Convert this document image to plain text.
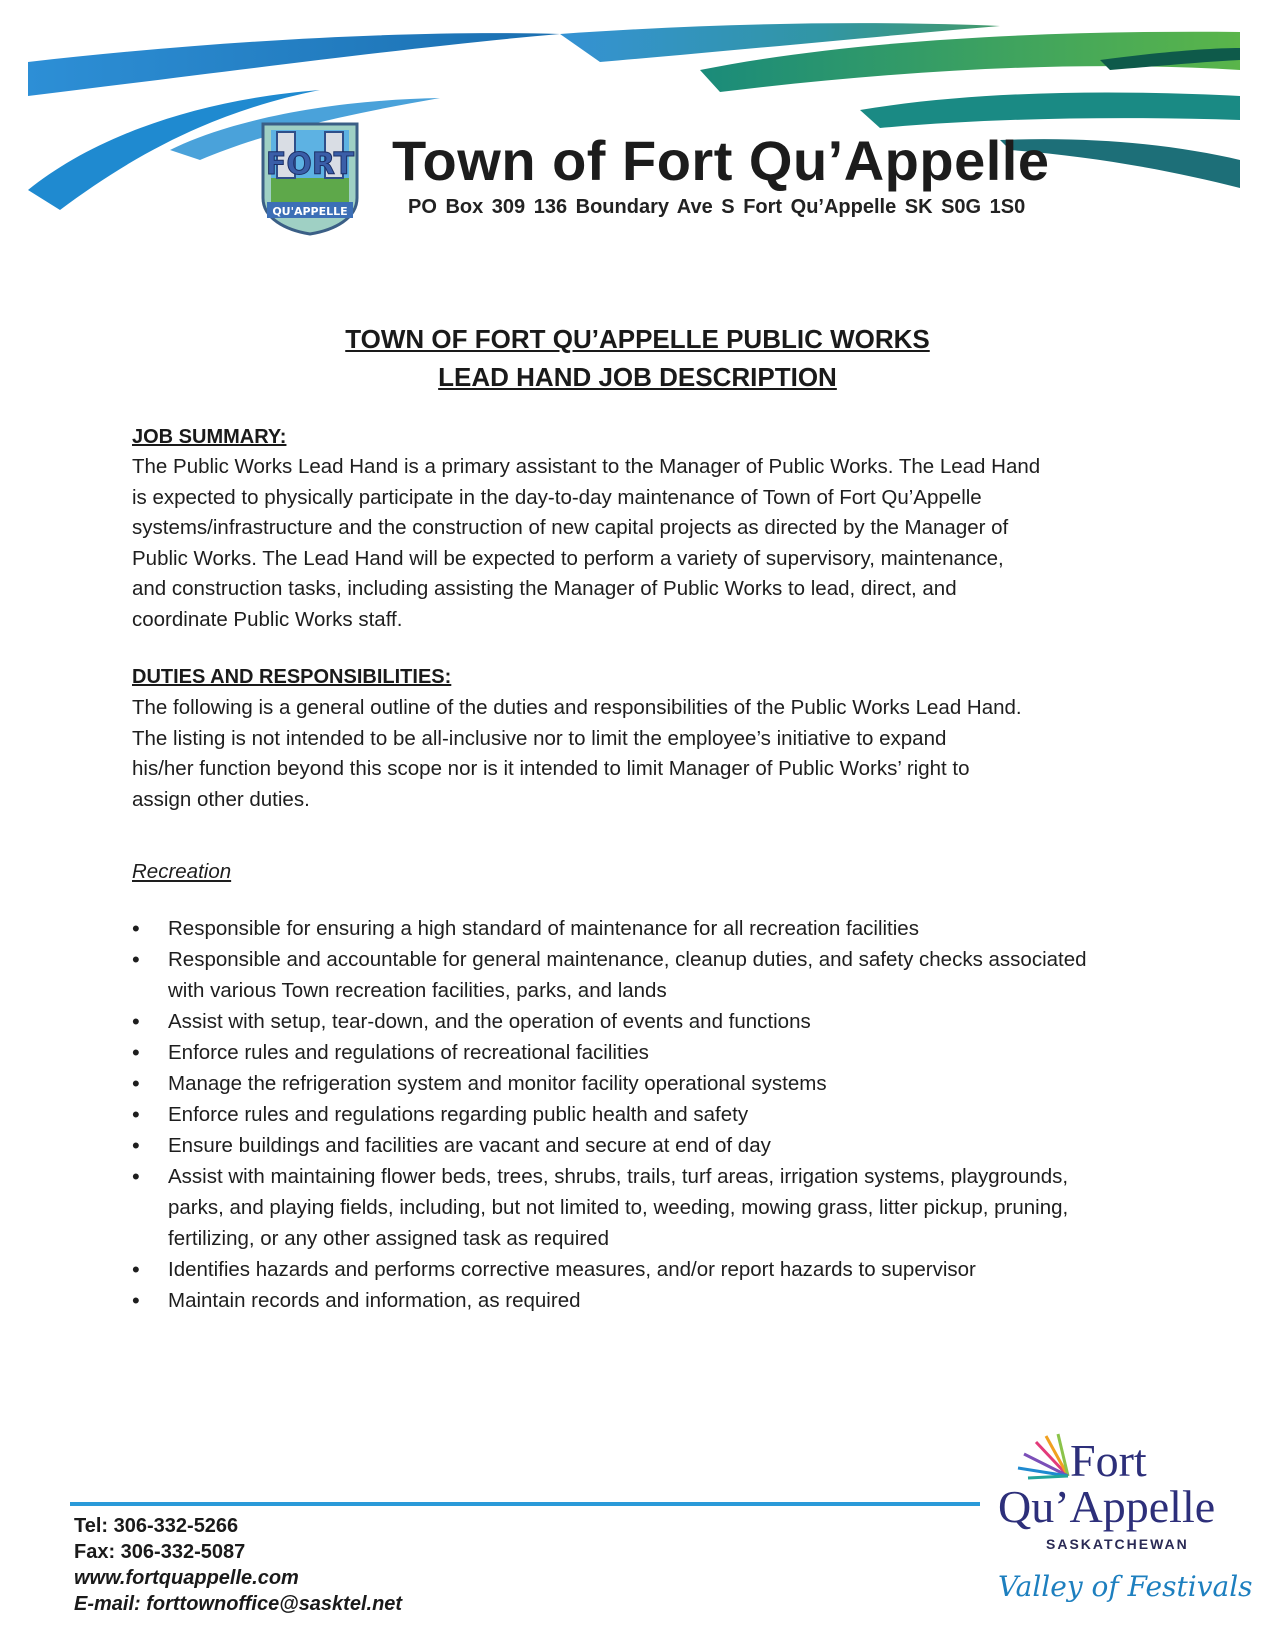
FORT
QU'APPELLE
Town of Fort Qu’Appelle
PO Box 309 136 Boundary Ave S Fort Qu’Appelle SK S0G 1S0
TOWN OF FORT QU’APPELLE PUBLIC WORKS
LEAD HAND JOB DESCRIPTION
JOB SUMMARY:
The Public Works Lead Hand is a primary assistant to the Manager of Public Works. The Lead Hand
is expected to physically participate in the day-to-day maintenance of Town of Fort Qu’Appelle
systems/infrastructure and the construction of new capital projects as directed by the Manager of
Public Works. The Lead Hand will be expected to perform a variety of supervisory, maintenance,
and construction tasks, including assisting the Manager of Public Works to lead, direct, and
coordinate Public Works staff.
DUTIES AND RESPONSIBILITIES:
The following is a general outline of the duties and responsibilities of the Public Works Lead Hand.
The listing is not intended to be all-inclusive nor to limit the employee’s initiative to expand
his/her function beyond this scope nor is it intended to limit Manager of Public Works’ right to
assign other duties.
Recreation
• Responsible for ensuring a high standard of maintenance for all recreation facilities
• Responsible and accountable for general maintenance, cleanup duties, and safety checks associated with various Town recreation facilities, parks, and lands
• Assist with setup, tear-down, and the operation of events and functions
• Enforce rules and regulations of recreational facilities
• Manage the refrigeration system and monitor facility operational systems
• Enforce rules and regulations regarding public health and safety
• Ensure buildings and facilities are vacant and secure at end of day
• Assist with maintaining flower beds, trees, shrubs, trails, turf areas, irrigation systems, playgrounds, parks, and playing fields, including, but not limited to, weeding, mowing grass, litter pickup, pruning, fertilizing, or any other assigned task as required
• Identifies hazards and performs corrective measures, and/or report hazards to supervisor
• Maintain records and information, as required
Tel: 306-332-5266
Fax: 306-332-5087
www.fortquappelle.com
E-mail: forttownoffice@sasktel.net
Fort
Qu’Appelle
SASKATCHEWAN
Valley of Festivals
